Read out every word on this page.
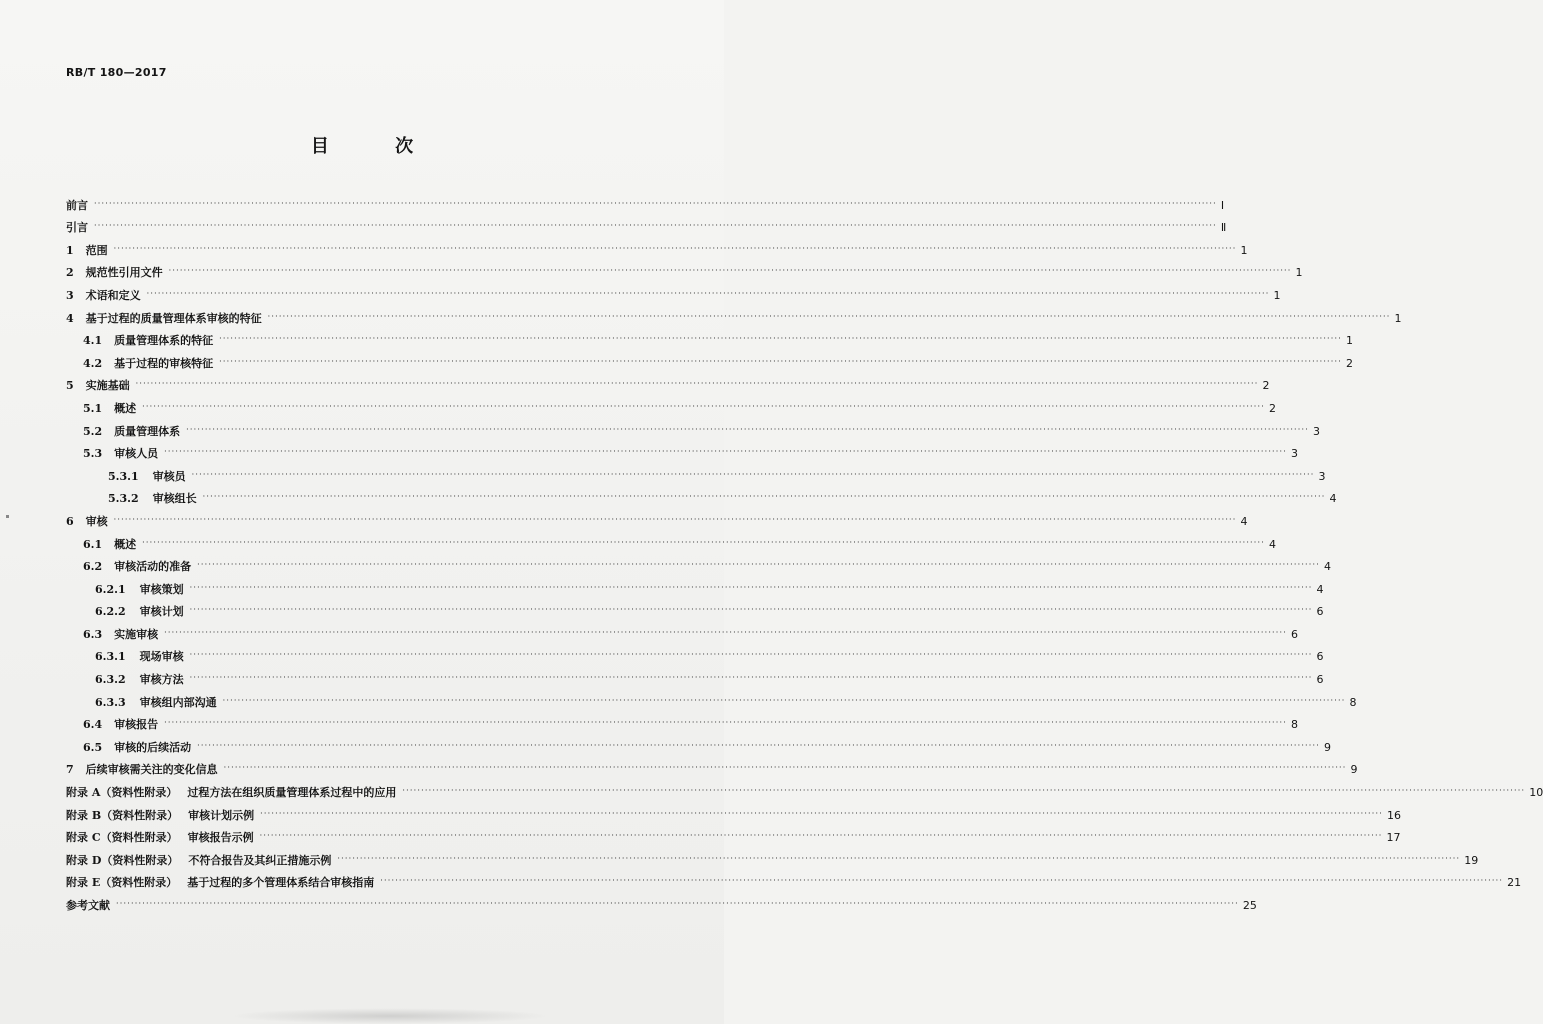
RB/T 180—2017
目 次
前言 ············································································································································································································································································································ Ⅰ
引言 ············································································································································································································································································································ Ⅱ
1 范围 ············································································································································································································································································································ 1
2 规范性引用文件 ············································································································································································································································································································ 1
3 术语和定义 ············································································································································································································································································································ 1
4 基于过程的质量管理体系审核的特征 ············································································································································································································································································································ 1
4.1 质量管理体系的特征 ············································································································································································································································································································ 1
4.2 基于过程的审核特征 ············································································································································································································································································································ 2
5 实施基础 ············································································································································································································································································································ 2
5.1 概述 ············································································································································································································································································································ 2
5.2 质量管理体系 ············································································································································································································································································································ 3
5.3 审核人员 ············································································································································································································································································································ 3
5.3.1 审核员 ············································································································································································································································································································ 3
5.3.2 审核组长 ············································································································································································································································································································ 4
6 审核 ············································································································································································································································································································ 4
6.1 概述 ············································································································································································································································································································ 4
6.2 审核活动的准备 ············································································································································································································································································································ 4
6.2.1 审核策划 ············································································································································································································································································································ 4
6.2.2 审核计划 ············································································································································································································································································································ 6
6.3 实施审核 ············································································································································································································································································································ 6
6.3.1 现场审核 ············································································································································································································································································································ 6
6.3.2 审核方法 ············································································································································································································································································································ 6
6.3.3 审核组内部沟通 ············································································································································································································································································································ 8
6.4 审核报告 ············································································································································································································································································································ 8
6.5 审核的后续活动 ············································································································································································································································································································ 9
7 后续审核需关注的变化信息 ············································································································································································································································································································ 9
附录 A（资料性附录） 过程方法在组织质量管理体系过程中的应用 ············································································································································································································································································································ 10
附录 B（资料性附录） 审核计划示例 ············································································································································································································································································································ 16
附录 C（资料性附录） 审核报告示例 ············································································································································································································································································································ 17
附录 D（资料性附录） 不符合报告及其纠正措施示例 ············································································································································································································································································································ 19
附录 E（资料性附录） 基于过程的多个管理体系结合审核指南 ············································································································································································································································································································ 21
参考文献 ············································································································································································································································································································ 25
